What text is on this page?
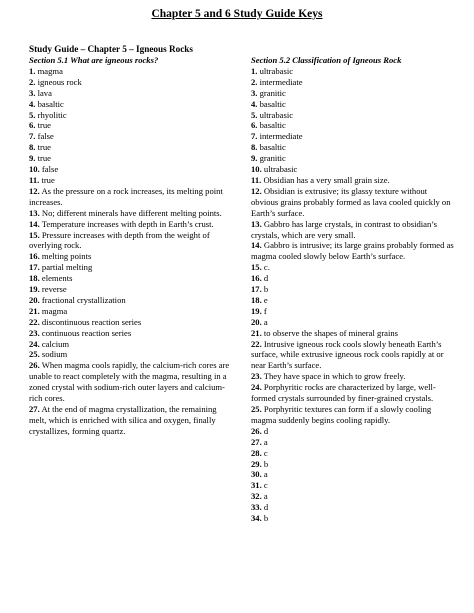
Chapter 5 and 6 Study Guide Keys
Study Guide – Chapter 5 – Igneous Rocks
Section 5.1 What are igneous rocks?
1. magma
2. igneous rock
3. lava
4. basaltic
5. rhyolitic
6. true
7. false
8. true
9. true
10. false
11. true
12. As the pressure on a rock increases, its melting point increases.
13. No; different minerals have different melting points.
14. Temperature increases with depth in Earth’s crust.
15. Pressure increases with depth from the weight of overlying rock.
16. melting points
17. partial melting
18. elements
19. reverse
20. fractional crystallization
21. magma
22. discontinuous reaction series
23. continuous reaction series
24. calcium
25. sodium
26. When magma cools rapidly, the calcium-rich cores are unable to react completely with the magma, resulting in a zoned crystal with sodium-rich outer layers and calcium-rich cores.
27. At the end of magma crystallization, the remaining melt, which is enriched with silica and oxygen, finally crystallizes, forming quartz.
Section 5.2 Classification of Igneous Rock
1. ultrabasic
2. intermediate
3. granitic
4. basaltic
5. ultrabasic
6. basaltic
7. intermediate
8. basaltic
9. granitic
10. ultrabasic
11. Obsidian has a very small grain size.
12. Obsidian is extrusive; its glassy texture without obvious grains probably formed as lava cooled quickly on Earth’s surface.
13. Gabbro has large crystals, in contrast to obsidian’s crystals, which are very small.
14. Gabbro is intrusive; its large grains probably formed as magma cooled slowly below Earth’s surface.
15. c.
16. d
17. b
18. e
19. f
20. a
21. to observe the shapes of mineral grains
22. Intrusive igneous rock cools slowly beneath Earth’s surface, while extrusive igneous rock cools rapidly at or near Earth’s surface.
23. They have space in which to grow freely.
24. Porphyritic rocks are characterized by large, well-formed crystals surrounded by finer-grained crystals.
25. Porphyritic textures can form if a slowly cooling magma suddenly begins cooling rapidly.
26. d
27. a
28. c
29. b
30. a
31. c
32. a
33. d
34. b
